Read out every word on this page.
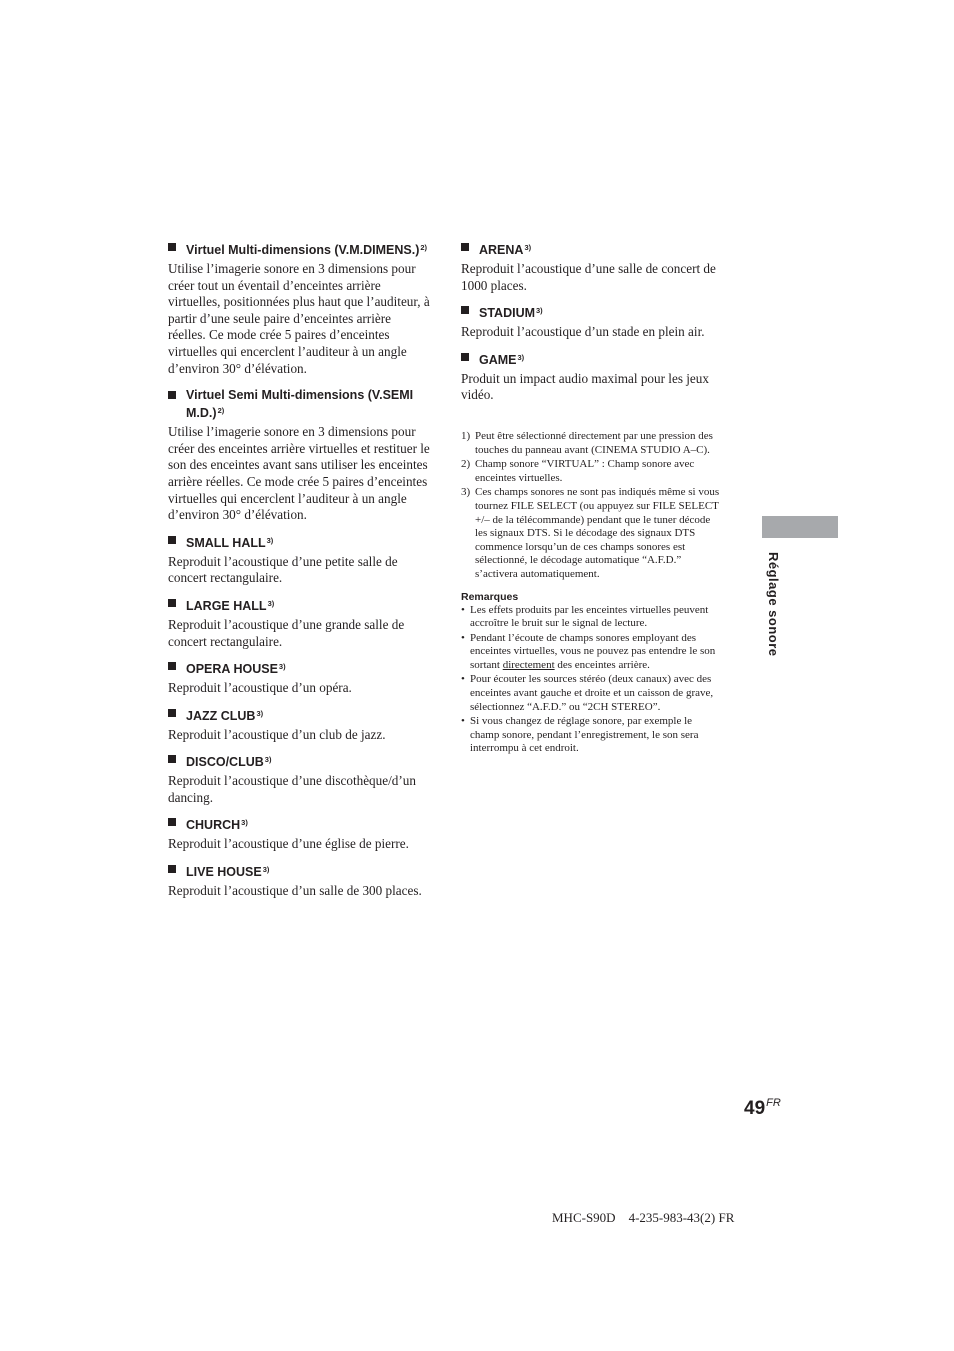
Virtuel Multi-dimensions (V.M.DIMENS.)$^{2)}$

Utilise l’imagerie sonore en 3 dimensions pour créer tout un éventail d’enceintes arrière virtuelles, positionnées plus haut que l’auditeur, à partir d’une seule paire d’enceintes arrière réelles. Ce mode crée 5 paires d’enceintes virtuelles qui encerclent l’auditeur à un angle d’environ 30° d’élévation.

Virtuel Semi Multi-dimensions (V.SEMI M.D.)$^{2)}$

Utilise l’imagerie sonore en 3 dimensions pour créer des enceintes arrière virtuelles et restituer le son des enceintes avant sans utiliser les enceintes arrière réelles. Ce mode crée 5 paires d’enceintes virtuelles qui encerclent l’auditeur à un angle d’environ 30° d’élévation.

SMALL HALL$^{3)}$

Reproduit l’acoustique d’une petite salle de concert rectangulaire.

LARGE HALL$^{3)}$

Reproduit l’acoustique d’une grande salle de concert rectangulaire.

OPERA HOUSE$^{3)}$

Reproduit l’acoustique d’un opéra.

JAZZ CLUB$^{3)}$

Reproduit l’acoustique d’un club de jazz.

DISCO/CLUB$^{3)}$

Reproduit l’acoustique d’une discothèque/d’un dancing.

CHURCH$^{3)}$

Reproduit l’acoustique d’une église de pierre.

LIVE HOUSE$^{3)}$

Reproduit l’acoustique d’un salle de 300 places.

ARENA$^{3)}$

Reproduit l’acoustique d’une salle de concert de 1000 places.

STADIUM$^{3)}$

Reproduit l’acoustique d’un stade en plein air.

GAME$^{3)}$

Produit un impact audio maximal pour les jeux vidéo.

1) Peut être sélectionné directement par une pression des touches du panneau avant (CINEMA STUDIO A–C).
2) Champ sonore “VIRTUAL” : Champ sonore avec enceintes virtuelles.
3) Ces champs sonores ne sont pas indiqués même si vous tournez FILE SELECT (ou appuyez sur FILE SELECT +/– de la télécommande) pendant que le tuner décode les signaux DTS. Si le décodage des signaux DTS commence lorsqu’un de ces champs sonores est sélectionné, le décodage automatique “A.F.D.” s’activera automatiquement.
Remarques
• Les effets produits par les enceintes virtuelles peuvent accroître le bruit sur le signal de lecture.
• Pendant l’écoute de champs sonores employant des enceintes virtuelles, vous ne pouvez pas entendre le son sortant directement des enceintes arrière.
• Pour écouter les sources stéréo (deux canaux) avec des enceintes avant gauche et droite et un caisson de grave, sélectionnez “A.F.D.” ou “2CH STEREO”.
• Si vous changez de réglage sonore, par exemple le champ sonore, pendant l’enregistrement, le son sera interrompu à cet endroit.
Réglage sonore
$49^{FR}$
MHC-S90D    4-235-983-43(2) FR
